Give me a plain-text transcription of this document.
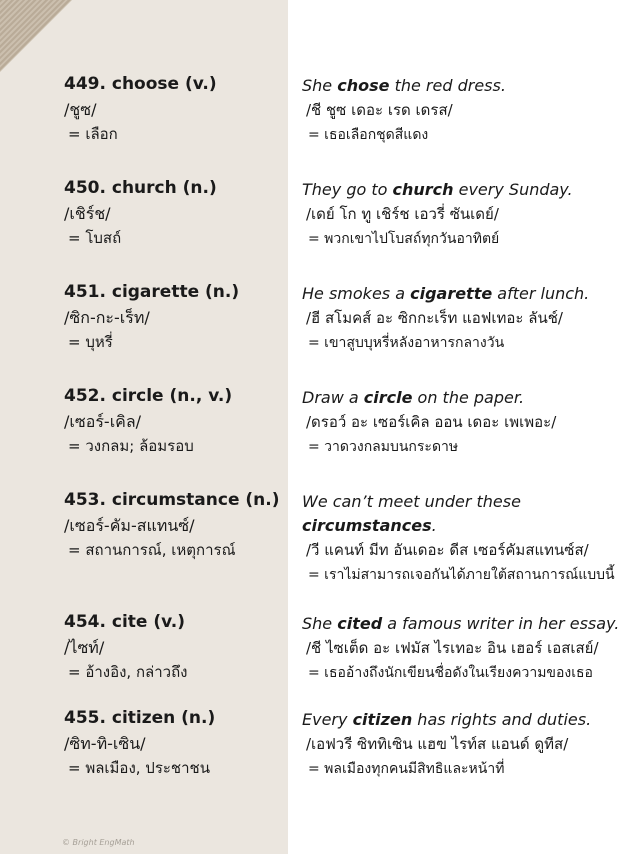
449. choose (v.)
/ชูซ/
= เลือก
She chose the red dress.
/ชี ชูซ เดอะ เรด เดรส/
= เธอเลือกชุดสีแดง
450. church (n.)
/เชิร์ช/
= โบสถ์
They go to church every Sunday.
/เดย์ โก ทู เชิร์ช เอวรี่ ซันเดย์/
= พวกเขาไปโบสถ์ทุกวันอาทิตย์
451. cigarette (n.)
/ซิก-กะ-เร็ท/
= บุหรี่
He smokes a cigarette after lunch.
/ฮี สโมคส์ อะ ซิกกะเร็ท แอฟเทอะ ลันช์/
= เขาสูบบุหรี่หลังอาหารกลางวัน
452. circle (n., v.)
/เซอร์-เคิล/
= วงกลม; ล้อมรอบ
Draw a circle on the paper.
/ดรอว์ อะ เซอร์เคิล ออน เดอะ เพเพอะ/
= วาดวงกลมบนกระดาษ
453. circumstance (n.)
/เซอร์-คัม-สแทนซ์/
= สถานการณ์, เหตุการณ์
We can’t meet under these circumstances.
/วี แคนท์ มีท อันเดอะ ดีส เซอร์คัมสแทนซ์ส/
= เราไม่สามารถเจอกันได้ภายใต้สถานการณ์แบบนี้
454. cite (v.)
/ไซท์/
= อ้างอิง, กล่าวถึง
She cited a famous writer in her essay.
/ชี ไซเต็ด อะ เฟมัส ไรเทอะ อิน เฮอร์ เอสเสย์/
= เธออ้างถึงนักเขียนชื่อดังในเรียงความของเธอ
455. citizen (n.)
/ซิท-ทิ-เซิน/
= พลเมือง, ประชาชน
Every citizen has rights and duties.
/เอฟวรี ซิททิเซิน แฮฃ ไรท์ส แอนด์ ดูทีส/
= พลเมืองทุกคนมีสิทธิและหน้าที่
© Bright EngMath
